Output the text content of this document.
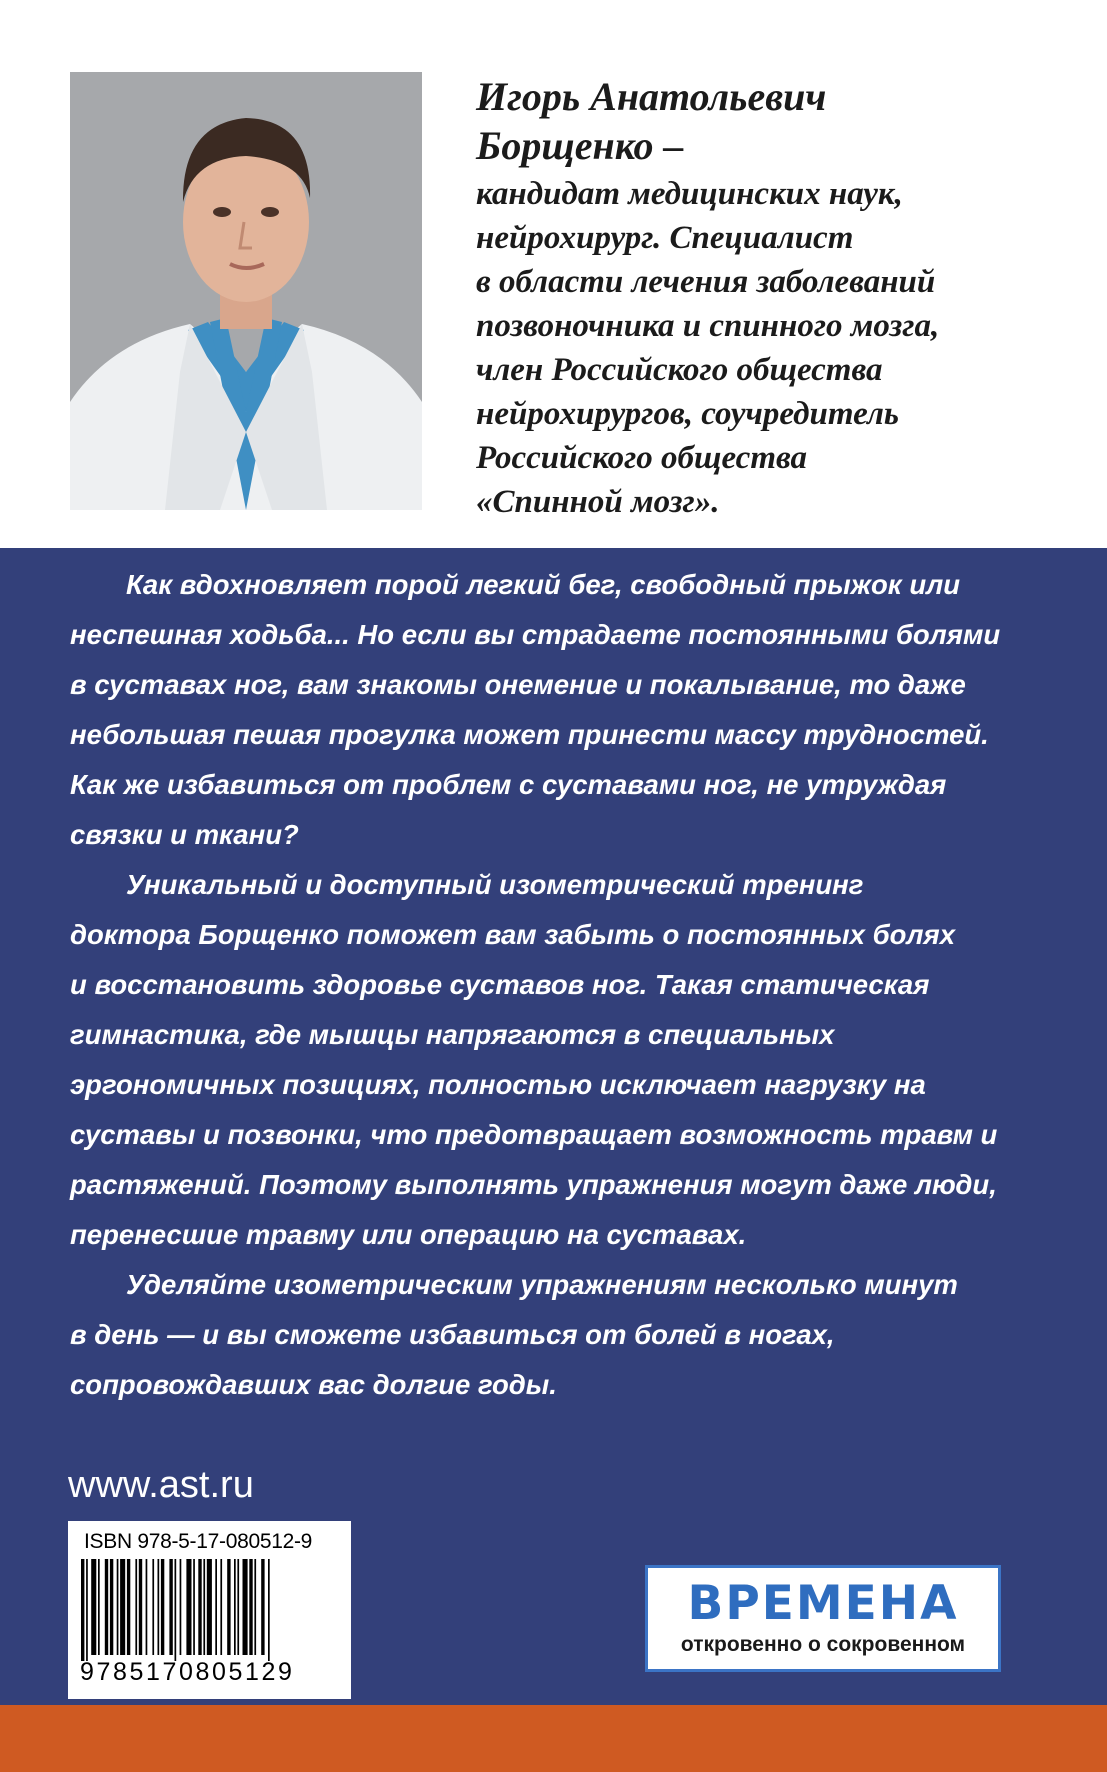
Игорь Анатольевич
Борщенко –

кандидат медицинских наук,
нейрохирург. Специалист
в области лечения заболеваний
позвоночника и спинного мозга,
член Российского общества
нейрохирургов, соучредитель
Российского общества
«Спинной мозг».

Как вдохновляет порой легкий бег, свободный прыжок или
неспешная ходьба... Но если вы страдаете постоянными болями
в суставах ног, вам знакомы онемение и покалывание, то даже
небольшая пешая прогулка может принести массу трудностей.
Как же избавиться от проблем с суставами ног, не утруждая
связки и ткани?

Уникальный и доступный изометрический тренинг
доктора Борщенко поможет вам забыть о постоянных болях
и восстановить здоровье суставов ног. Такая статическая
гимнастика, где мышцы напрягаются в специальных
эргономичных позициях, полностью исключает нагрузку на
суставы и позвонки, что предотвращает возможность травм и
растяжений. Поэтому выполнять упражнения могут даже люди,
перенесшие травму или операцию на суставах.

Уделяйте изометрическим упражнениям несколько минут
в день — и вы сможете избавиться от болей в ногах,
сопровождавших вас долгие годы.

www.ast.ru
ISBN 978-5-17-080512-9
9785170805129
ВРЕМЕНА
откровенно о сокровенном
